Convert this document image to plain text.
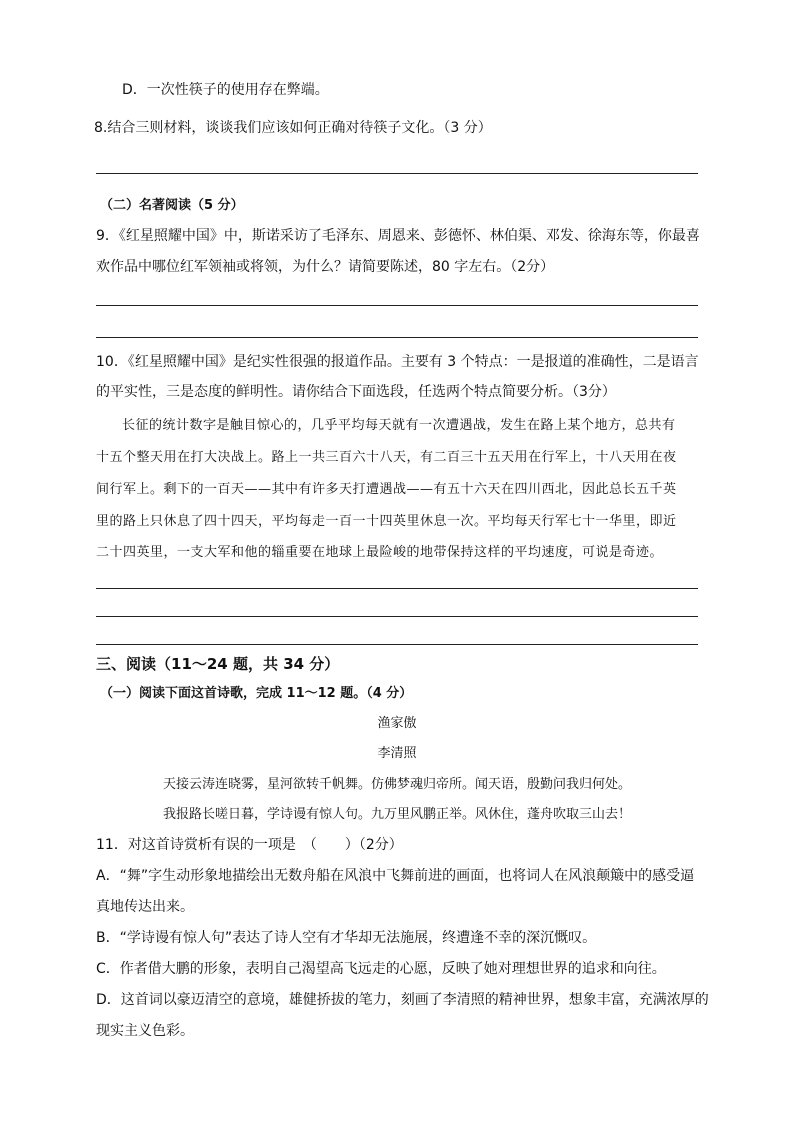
D．一次性筷子的使用存在弊端。
8.结合三则材料，谈谈我们应该如何正确对待筷子文化。（3 分）
（二）名著阅读（5 分）
9．《红星照耀中国》中，斯诺采访了毛泽东、周恩来、彭德怀、林伯渠、邓发、徐海东等，你最喜
欢作品中哪位红军领袖或将领，为什么？请简要陈述，80 字左右。（2分）
10．《红星照耀中国》是纪实性很强的报道作品。主要有 3 个特点：一是报道的准确性，二是语言
的平实性，三是态度的鲜明性。请你结合下面选段，任选两个特点简要分析。（3分）
长征的统计数字是触目惊心的，几乎平均每天就有一次遭遇战，发生在路上某个地方，总共有
十五个整天用在打大决战上。路上一共三百六十八天，有二百三十五天用在行军上，十八天用在夜
间行军上。剩下的一百天——其中有许多天打遭遇战——有五十六天在四川西北，因此总长五千英
里的路上只休息了四十四天，平均每走一百一十四英里休息一次。平均每天行军七十一华里，即近
二十四英里，一支大军和他的辎重要在地球上最险峻的地带保持这样的平均速度，可说是奇迹。
三、阅读（11～24 题，共 34 分）
（一）阅读下面这首诗歌，完成 11～12 题。（4 分）
渔家傲
李清照
天接云涛连晓雾，星河欲转千帆舞。仿佛梦魂归帝所。闻天语，殷勤问我归何处。
我报路长嗟日暮，学诗谩有惊人句。九万里风鹏正举。风休住，蓬舟吹取三山去！
11．对这首诗赏析有误的一项是　（　　）（2分）
A．“舞”字生动形象地描绘出无数舟船在风浪中飞舞前进的画面，也将词人在风浪颠簸中的感受逼
真地传达出来。
B．“学诗谩有惊人句”表达了诗人空有才华却无法施展，终遭逢不幸的深沉慨叹。
C．作者借大鹏的形象，表明自己渴望高飞远走的心愿，反映了她对理想世界的追求和向往。
D．这首词以豪迈清空的意境，雄健挢拔的笔力，刻画了李清照的精神世界，想象丰富，充满浓厚的
现实主义色彩。
